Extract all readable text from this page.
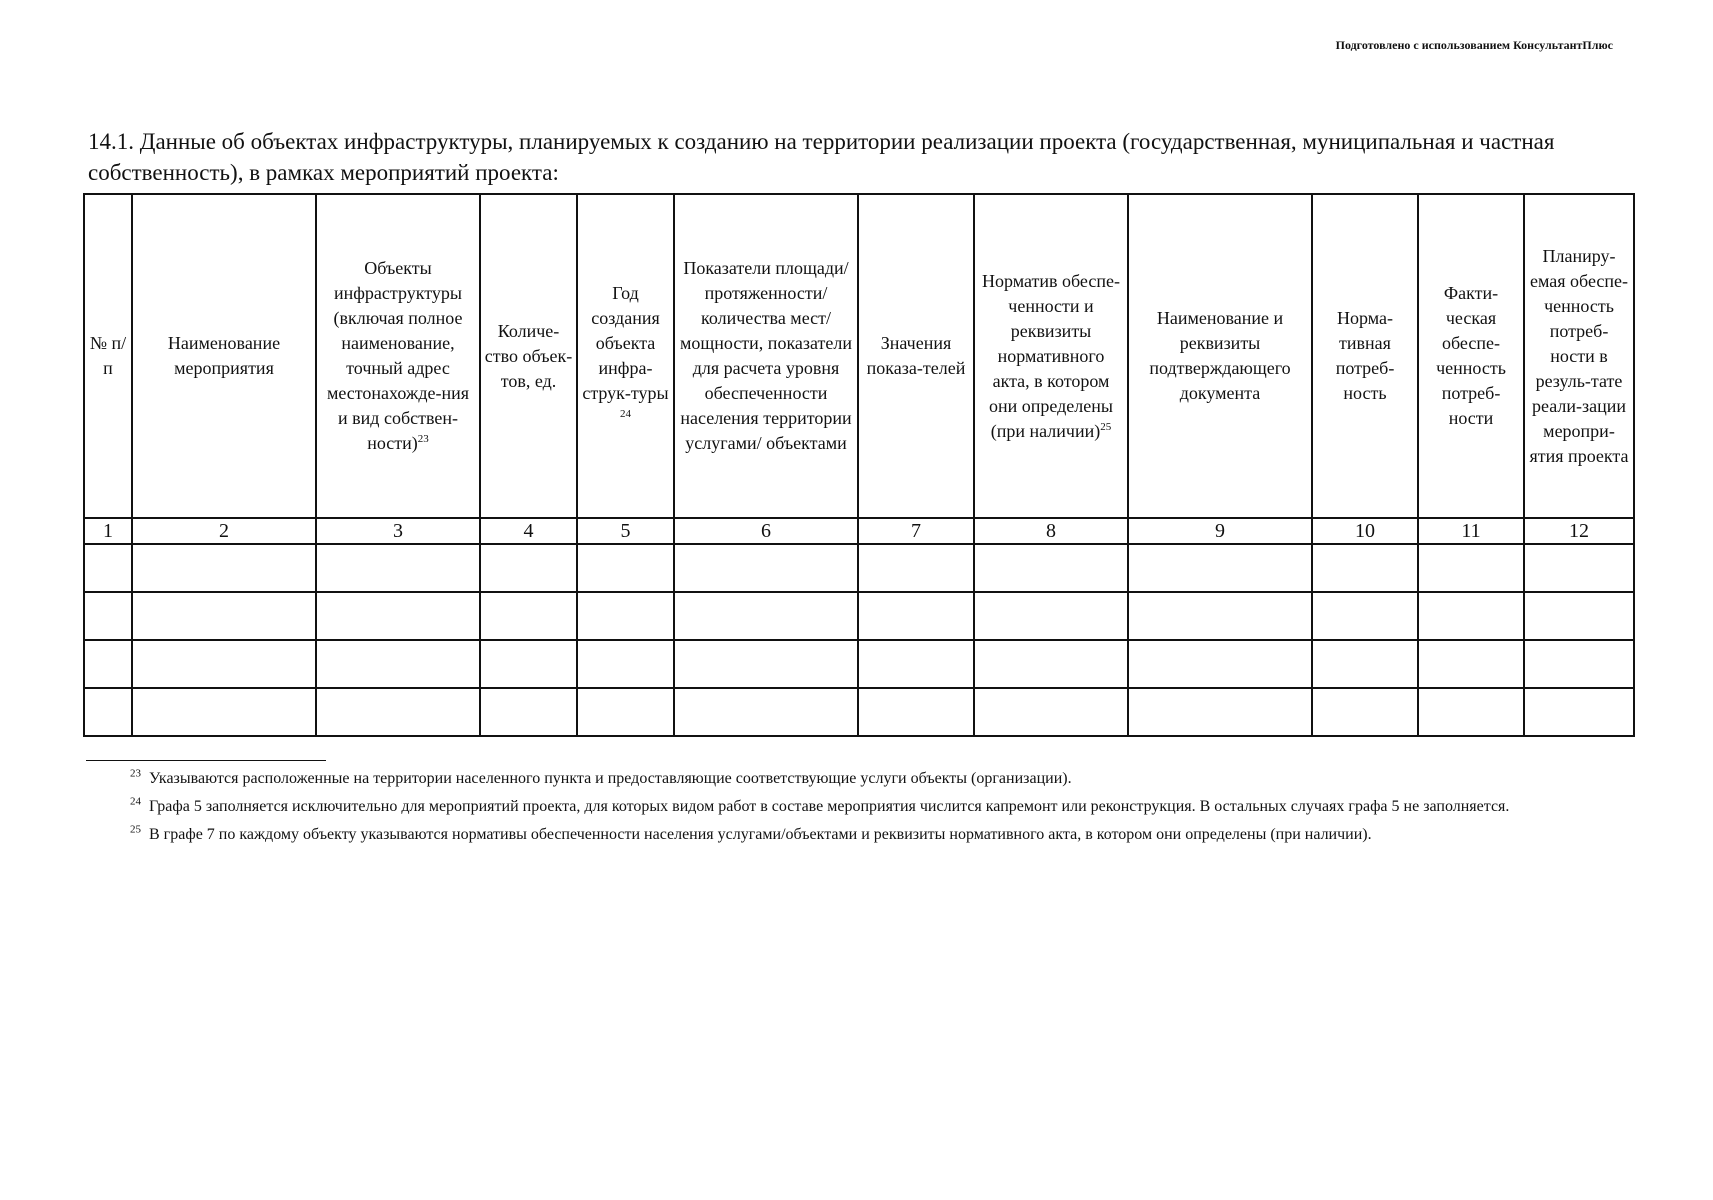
Подготовлено с использованием КонсультантПлюс
14.1. Данные об объектах инфраструктуры, планируемых к созданию на территории реализации проекта (государственная, муниципальная и частная собственность), в рамках мероприятий проекта:
№ п/п	Наименование мероприятия	Объекты инфраструктуры (включая полное наименование, точный адрес местонахожде-ния и вид собствен-ности)$^{23}$	Количе-ство объек-тов, ед.	Год создания объекта инфра-струк-туры $^{24}$	Показатели площади/ протяженности/ количества мест/мощности, показатели для расчета уровня обеспеченности населения территории услугами/ объектами	Значения показа-телей	Норматив обеспе-ченности и реквизиты нормативного акта, в котором они определены (при наличии)$^{25}$	Наименование и реквизиты подтверждающего документа	Норма-тивная потреб-ность	Факти-ческая обеспе-ченность потреб-ности	Планиру-емая обеспе-ченность потреб-ности в резуль-тате реали-зации меропри-ятия проекта
1	2	3	4	5	6	7	8	9	10	11	12

$^{23}$ Указываются расположенные на территории населенного пункта и предоставляющие соответствующие услуги объекты (организации).

$^{24}$ Графа 5 заполняется исключительно для мероприятий проекта, для которых видом работ в составе мероприятия числится капремонт или реконструкция. В остальных случаях графа 5 не заполняется.

$^{25}$ В графе 7 по каждому объекту указываются нормативы обеспеченности населения услугами/объектами и реквизиты нормативного акта, в котором они определены (при наличии).
